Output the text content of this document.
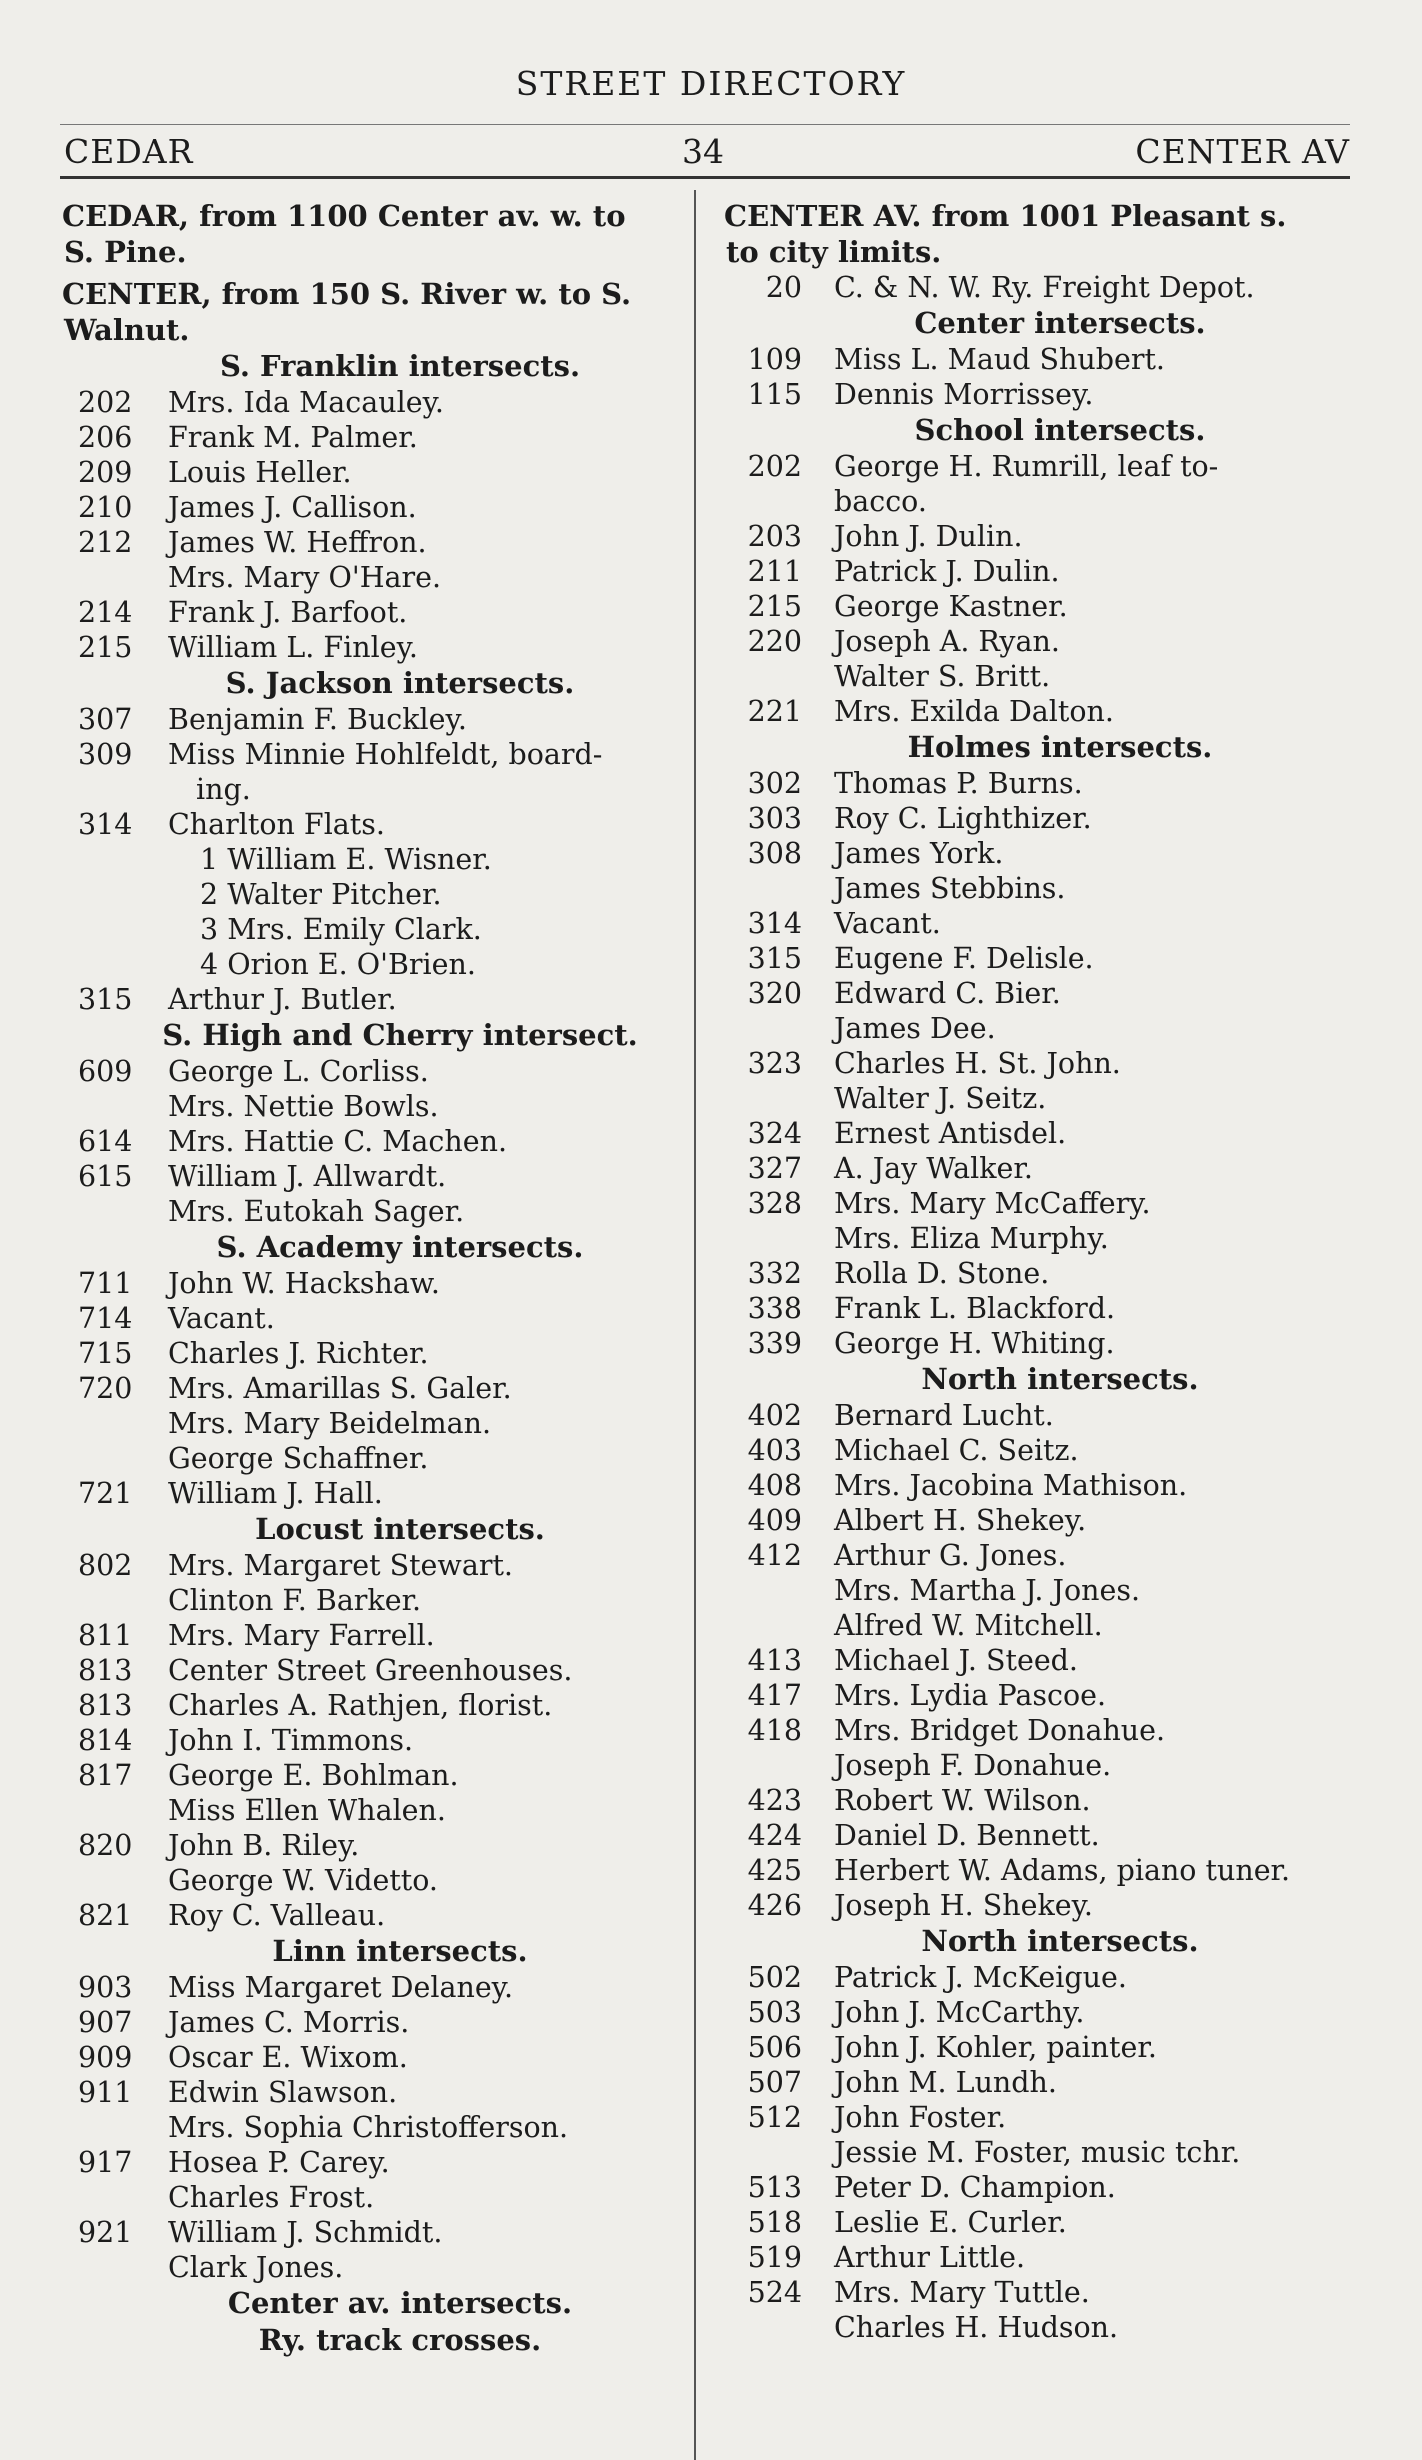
STREET DIRECTORY
CEDAR	34	CENTER AV
CEDAR, from 1100 Center av. w. to
S. Pine.
CENTER, from 150 S. River w. to S.
Walnut.
S. Franklin intersects.
202	Mrs. Ida Macauley.
206	Frank M. Palmer.
209	Louis Heller.
210	James J. Callison.
212	James W. Heffron.
Mrs. Mary O'Hare.
214	Frank J. Barfoot.
215	William L. Finley.
S. Jackson intersects.
307	Benjamin F. Buckley.
309	Miss Minnie Hohlfeldt, board-
ing.
314	Charlton Flats.
1 William E. Wisner.
2 Walter Pitcher.
3 Mrs. Emily Clark.
4 Orion E. O'Brien.
315	Arthur J. Butler.
S. High and Cherry intersect.
609	George L. Corliss.
Mrs. Nettie Bowls.
614	Mrs. Hattie C. Machen.
615	William J. Allwardt.
Mrs. Eutokah Sager.
S. Academy intersects.
711	John W. Hackshaw.
714	Vacant.
715	Charles J. Richter.
720	Mrs. Amarillas S. Galer.
Mrs. Mary Beidelman.
George Schaffner.
721	William J. Hall.
Locust intersects.
802	Mrs. Margaret Stewart.
Clinton F. Barker.
811	Mrs. Mary Farrell.
813	Center Street Greenhouses.
813	Charles A. Rathjen, florist.
814	John I. Timmons.
817	George E. Bohlman.
Miss Ellen Whalen.
820	John B. Riley.
George W. Videtto.
821	Roy C. Valleau.
Linn intersects.
903	Miss Margaret Delaney.
907	James C. Morris.
909	Oscar E. Wixom.
911	Edwin Slawson.
Mrs. Sophia Christofferson.
917	Hosea P. Carey.
Charles Frost.
921	William J. Schmidt.
Clark Jones.
Center av. intersects.
Ry. track crosses.
CENTER AV. from 1001 Pleasant s.
to city limits.
20	C. & N. W. Ry. Freight Depot.
Center intersects.
109	Miss L. Maud Shubert.
115	Dennis Morrissey.
School intersects.
202	George H. Rumrill, leaf to-
bacco.
203	John J. Dulin.
211	Patrick J. Dulin.
215	George Kastner.
220	Joseph A. Ryan.
Walter S. Britt.
221	Mrs. Exilda Dalton.
Holmes intersects.
302	Thomas P. Burns.
303	Roy C. Lighthizer.
308	James York.
James Stebbins.
314	Vacant.
315	Eugene F. Delisle.
320	Edward C. Bier.
James Dee.
323	Charles H. St. John.
Walter J. Seitz.
324	Ernest Antisdel.
327	A. Jay Walker.
328	Mrs. Mary McCaffery.
Mrs. Eliza Murphy.
332	Rolla D. Stone.
338	Frank L. Blackford.
339	George H. Whiting.
North intersects.
402	Bernard Lucht.
403	Michael C. Seitz.
408	Mrs. Jacobina Mathison.
409	Albert H. Shekey.
412	Arthur G. Jones.
Mrs. Martha J. Jones.
Alfred W. Mitchell.
413	Michael J. Steed.
417	Mrs. Lydia Pascoe.
418	Mrs. Bridget Donahue.
Joseph F. Donahue.
423	Robert W. Wilson.
424	Daniel D. Bennett.
425	Herbert W. Adams, piano tuner.
426	Joseph H. Shekey.
North intersects.
502	Patrick J. McKeigue.
503	John J. McCarthy.
506	John J. Kohler, painter.
507	John M. Lundh.
512	John Foster.
Jessie M. Foster, music tchr.
513	Peter D. Champion.
518	Leslie E. Curler.
519	Arthur Little.
524	Mrs. Mary Tuttle.
Charles H. Hudson.
